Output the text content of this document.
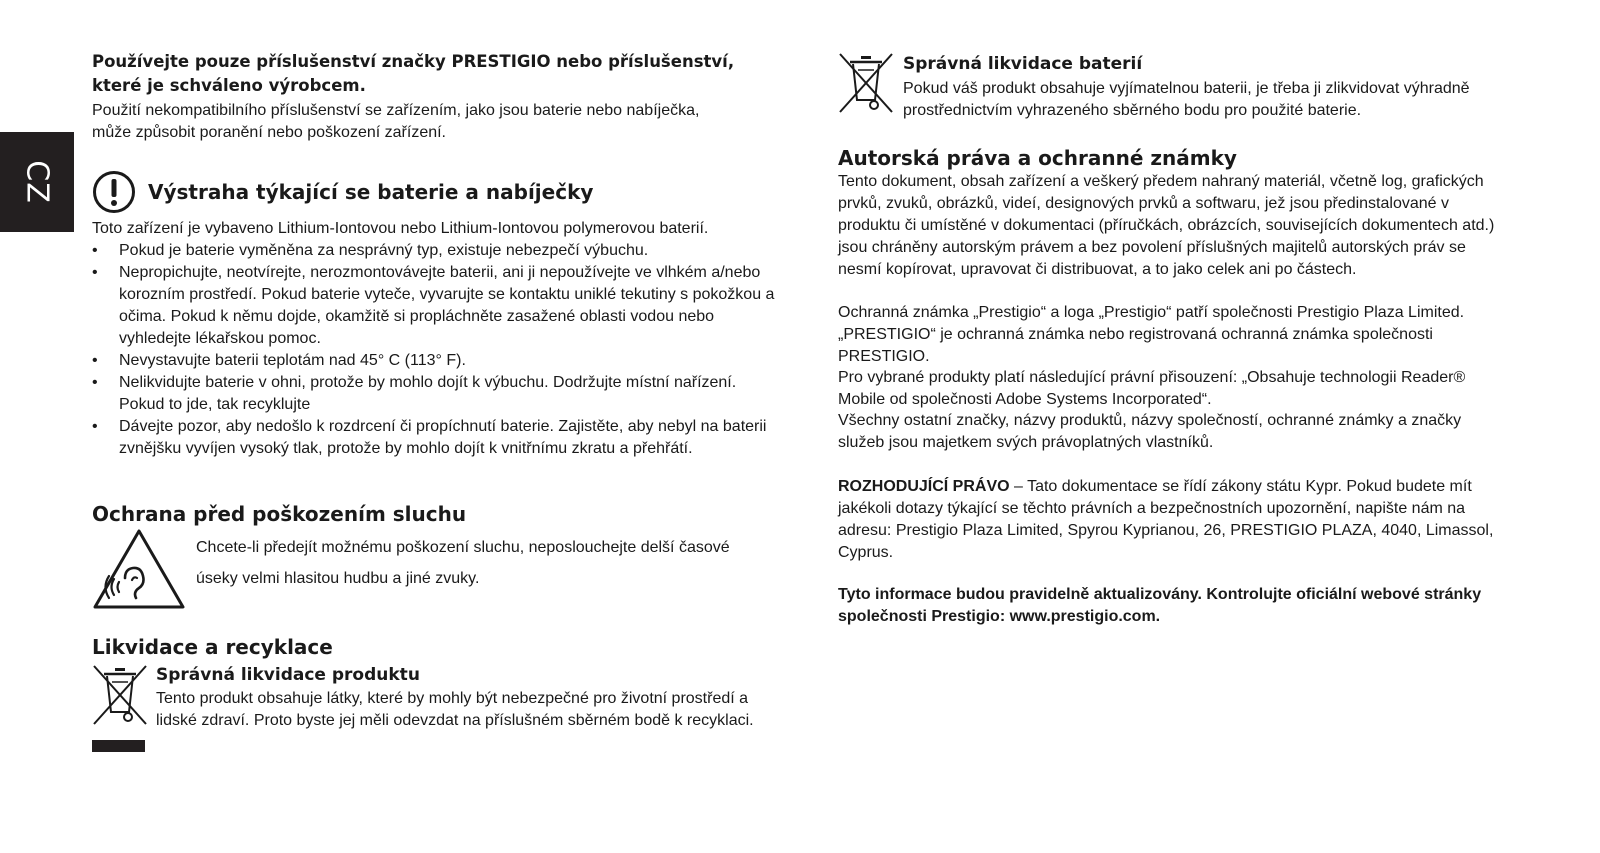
CZ

Používejte pouze příslušenství značky PRESTIGIO nebo příslušenství, které je schváleno výrobcem.

Použití nekompatibilního příslušenství se zařízením, jako jsou baterie nebo nabíječka, může způsobit poranění nebo poškození zařízení.

Výstraha týkající se baterie a nabíječky

Toto zařízení je vybaveno Lithium-Iontovou nebo Lithium-Iontovou polymerovou baterií.

• Pokud je baterie vyměněna za nesprávný typ, existuje nebezpečí výbuchu.
• Nepropichujte, neotvírejte, nerozmontovávejte baterii, ani ji nepoužívejte ve vlhkém a/nebo korozním prostředí. Pokud baterie vyteče, vyvarujte se kontaktu uniklé tekutiny s pokožkou a očima. Pokud k němu dojde, okamžitě si propláchněte zasažené oblasti vodou nebo vyhledejte lékařskou pomoc.
• Nevystavujte baterii teplotám nad 45° C (113° F).
• Nelikvidujte baterie v ohni, protože by mohlo dojít k výbuchu. Dodržujte místní nařízení. Pokud to jde, tak recyklujte
• Dávejte pozor, aby nedošlo k rozdrcení či propíchnutí baterie. Zajistěte, aby nebyl na baterii zvnějšku vyvíjen vysoký tlak, protože by mohlo dojít k vnitřnímu zkratu a přehřátí.
Ochrana před poškozením sluchu

Chcete-li předejít možnému poškození sluchu, neposlouchejte delší časové

úseky velmi hlasitou hudbu a jiné zvuky.

Likvidace a recyklace
Správná likvidace produktu

Tento produkt obsahuje látky, které by mohly být nebezpečné pro životní prostředí a lidské zdraví. Proto byste jej měli odevzdat na příslušném sběrném bodě k recyklaci.

Správná likvidace baterií

Pokud váš produkt obsahuje vyjímatelnou baterii, je třeba ji zlikvidovat výhradně prostřednictvím vyhrazeného sběrného bodu pro použité baterie.

Autorská práva a ochranné známky

Tento dokument, obsah zařízení a veškerý předem nahraný materiál, včetně log, grafických prvků, zvuků, obrázků, videí, designových prvků a softwaru, jež jsou předinstalované v produktu či umístěné v dokumentaci (příručkách, obrázcích, souvisejících dokumentech atd.) jsou chráněny autorským právem a bez povolení příslušných majitelů autorských práv se nesmí kopírovat, upravovat či distribuovat, a to jako celek ani po částech.

Ochranná známka „Prestigio“ a loga „Prestigio“ patří společnosti Prestigio Plaza Limited. „PRESTIGIO“ je ochranná známka nebo registrovaná ochranná známka společnosti PRESTIGIO.

Pro vybrané produkty platí následující právní přisouzení: „Obsahuje technologii Reader® Mobile od společnosti Adobe Systems Incorporated“.

Všechny ostatní značky, názvy produktů, názvy společností, ochranné známky a značky služeb jsou majetkem svých právoplatných vlastníků.

ROZHODUJÍCÍ PRÁVO – Tato dokumentace se řídí zákony státu Kypr. Pokud budete mít jakékoli dotazy týkající se těchto právních a bezpečnostních upozornění, napište nám na adresu: Prestigio Plaza Limited, Spyrou Kyprianou, 26, PRESTIGIO PLAZA, 4040, Limassol, Cyprus.

Tyto informace budou pravidelně aktualizovány. Kontrolujte oficiální webové stránky společnosti Prestigio: www.prestigio.com.
